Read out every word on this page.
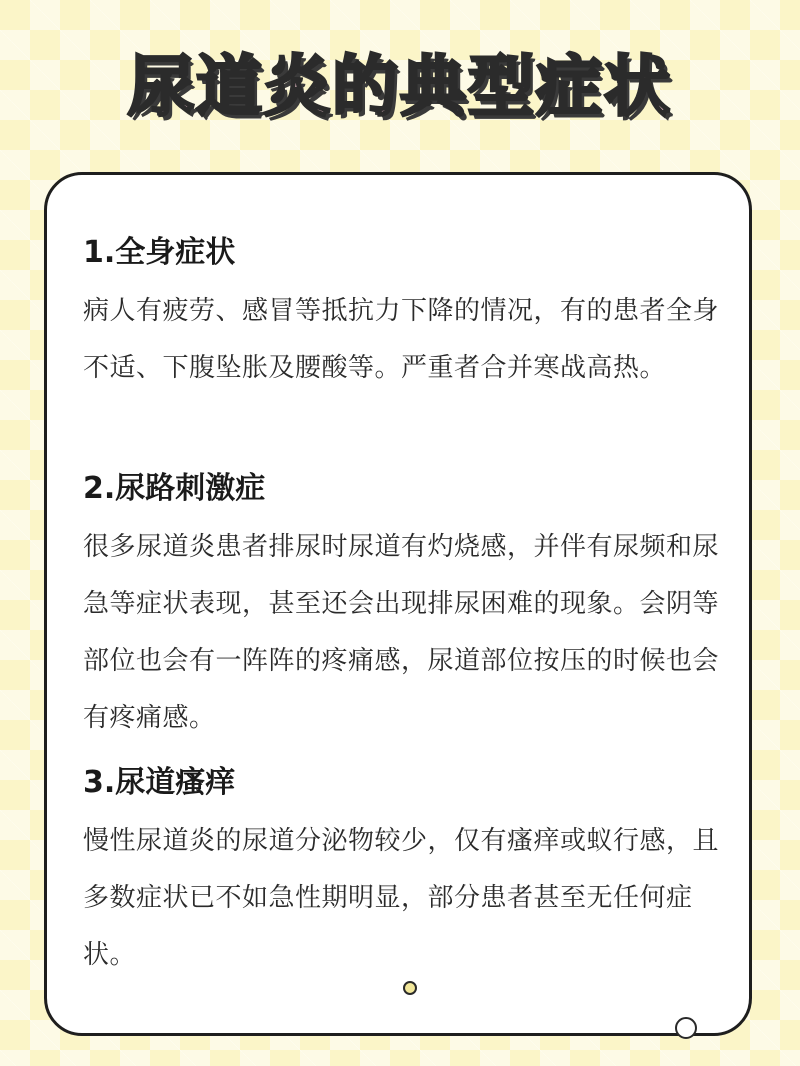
尿道炎的典型症状
1.全身症状

病人有疲劳、感冒等抵抗力下降的情况，有的患者全身不适、下腹坠胀及腰酸等。严重者合并寒战高热。

2.尿路刺激症

很多尿道炎患者排尿时尿道有灼烧感，并伴有尿频和尿急等症状表现，甚至还会出现排尿困难的现象。会阴等部位也会有一阵阵的疼痛感，尿道部位按压的时候也会有疼痛感。

3.尿道瘙痒

慢性尿道炎的尿道分泌物较少，仅有瘙痒或蚁行感，且多数症状已不如急性期明显，部分患者甚至无任何症状。
